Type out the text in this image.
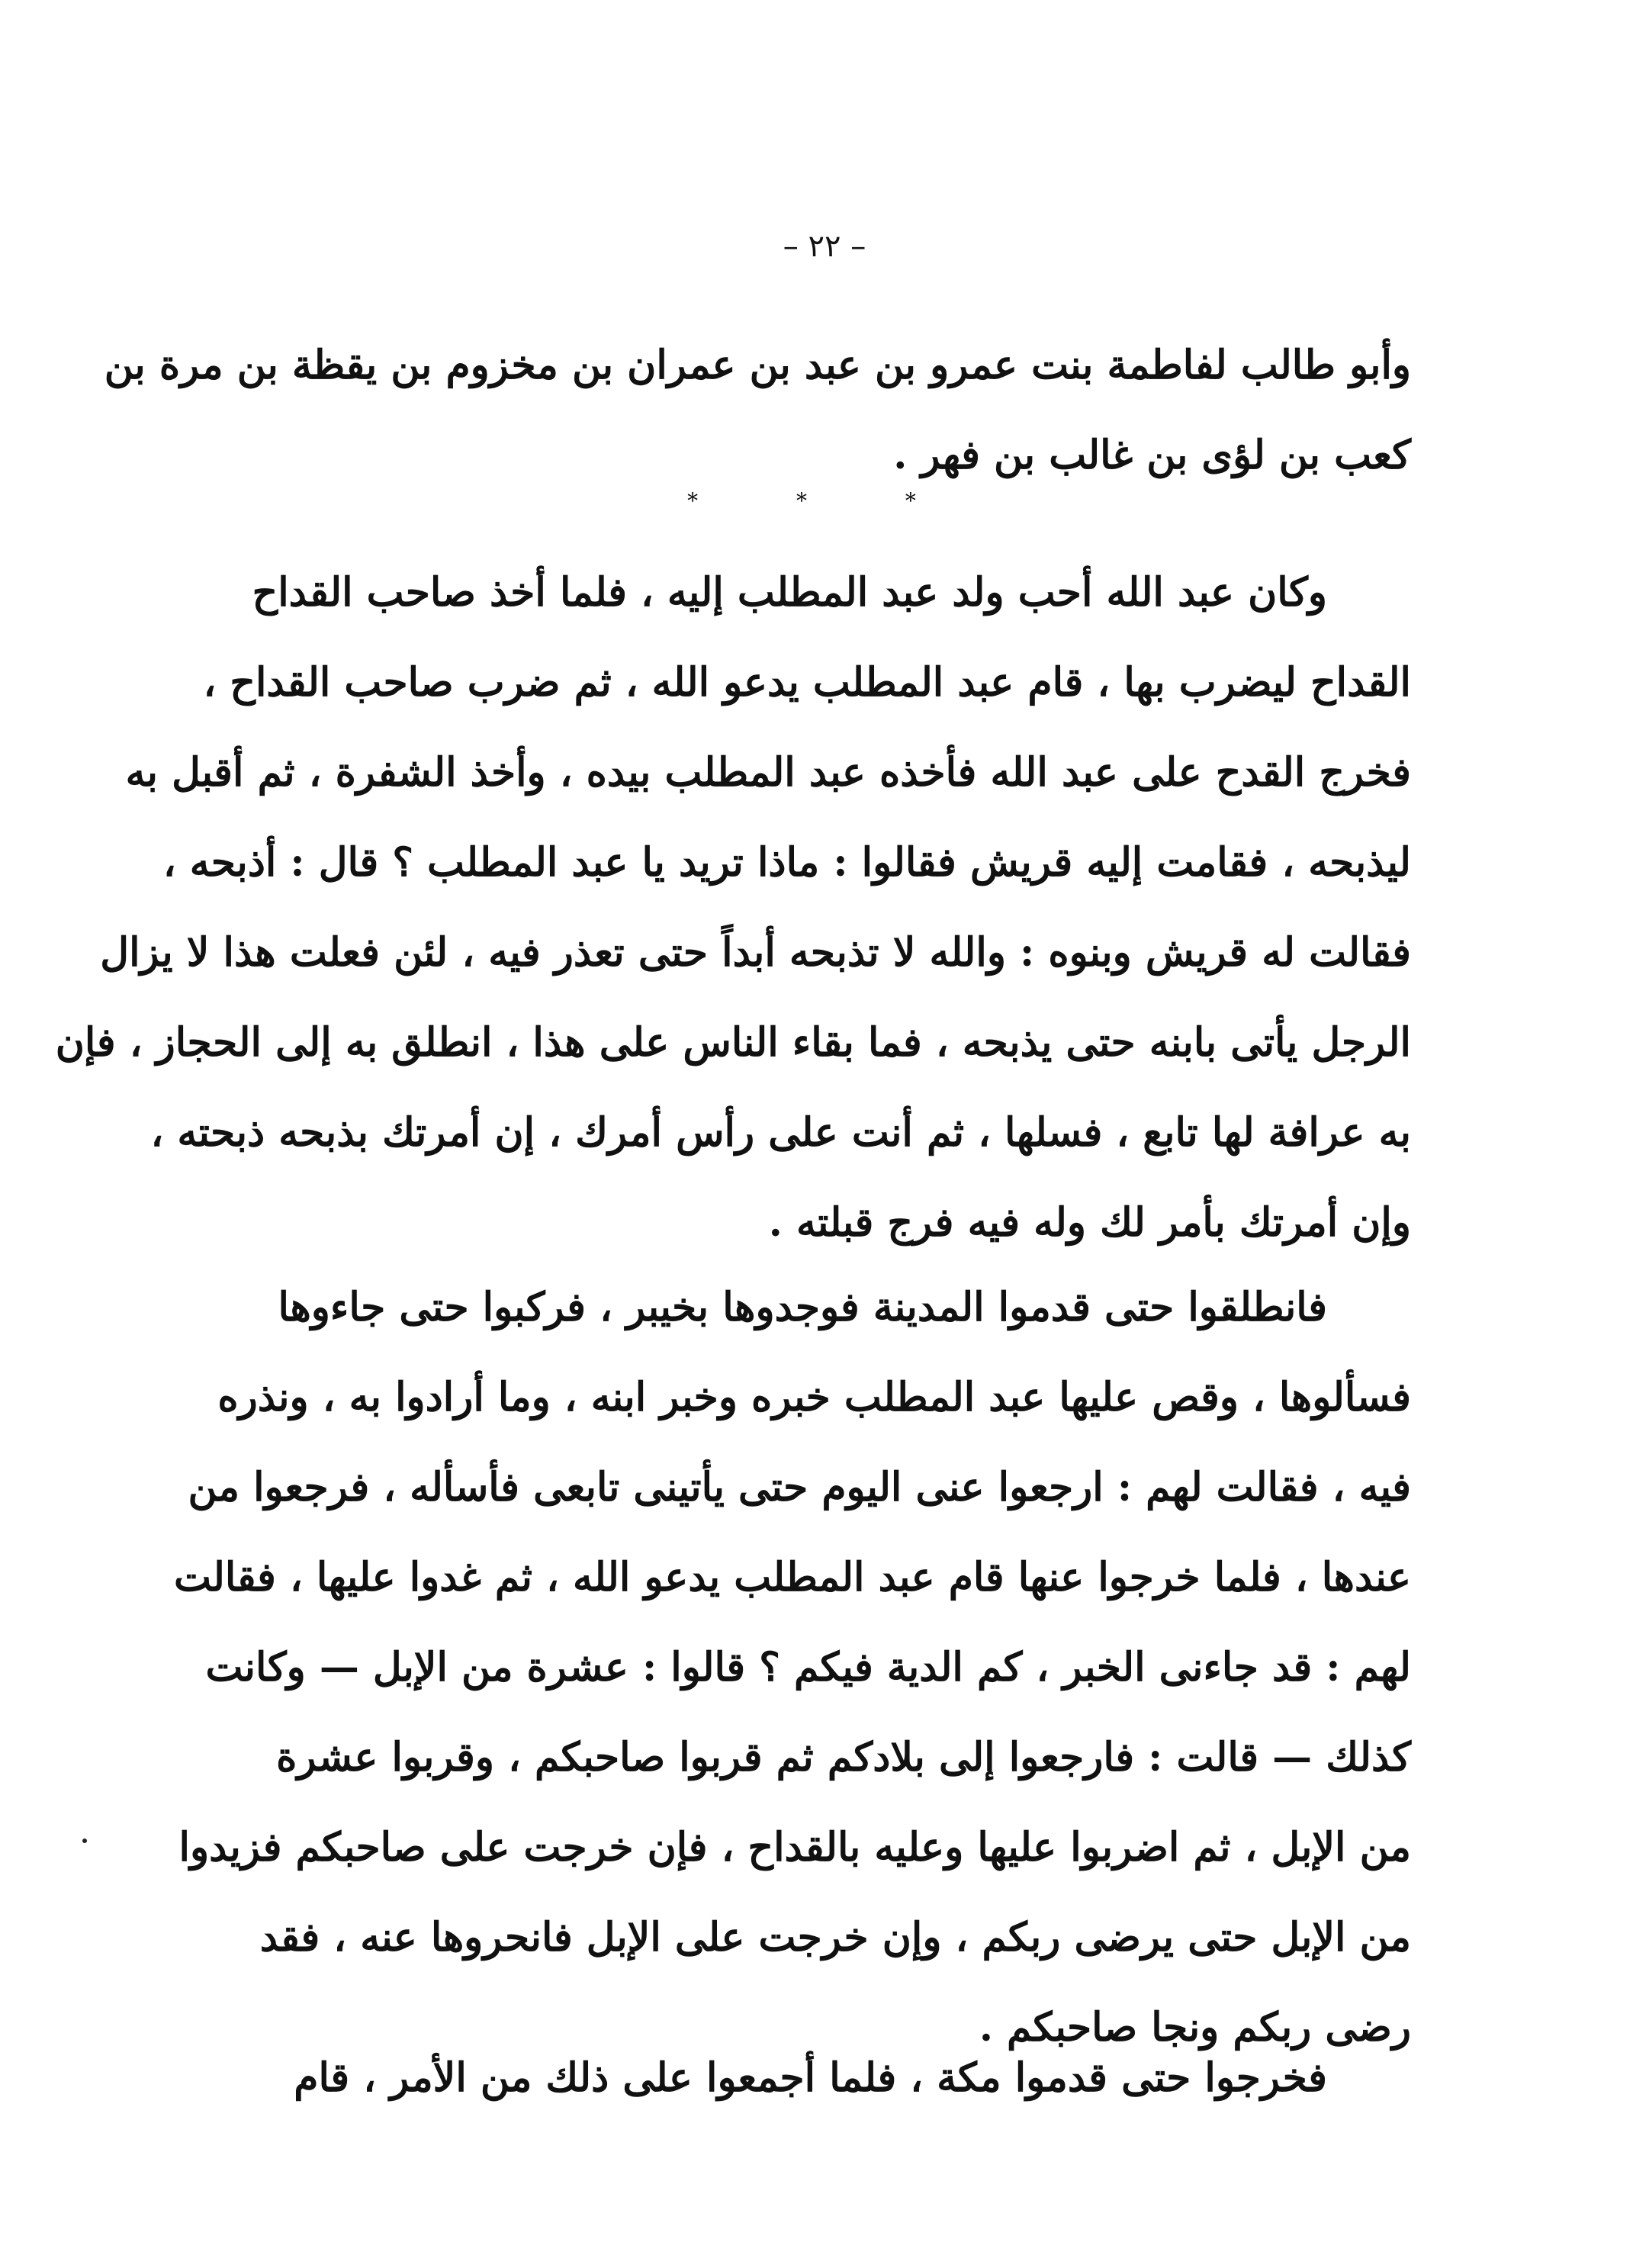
– ٢٢ –
وأبو طالب لفاطمة بنت عمرو بن عبد بن عمران بن مخزوم بن يقظة بن مرة بن
كعب بن لؤى بن غالب بن فهر .
* * *
وكان عبد الله أحب ولد عبد المطلب إليه ، فلما أخذ صاحب القداح
القداح ليضرب بها ، قام عبد المطلب يدعو الله ، ثم ضرب صاحب القداح ،
فخرج القدح على عبد الله فأخذه عبد المطلب بيده ، وأخذ الشفرة ، ثم أقبل به
ليذبحه ، فقامت إليه قريش فقالوا : ماذا تريد يا عبد المطلب ؟ قال : أذبحه ،
فقالت له قريش وبنوه : والله لا تذبحه أبداً حتى تعذر فيه ، لئن فعلت هذا لا يزال
الرجل يأتى بابنه حتى يذبحه ، فما بقاء الناس على هذا ، انطلق به إلى الحجاز ، فإن
به عرافة لها تابع ، فسلها ، ثم أنت على رأس أمرك ، إن أمرتك بذبحه ذبحته ،
وإن أمرتك بأمر لك وله فيه فرج قبلته .
فانطلقوا حتى قدموا المدينة فوجدوها بخيبر ، فركبوا حتى جاءوها
فسألوها ، وقص عليها عبد المطلب خبره وخبر ابنه ، وما أرادوا به ، ونذره
فيه ، فقالت لهم : ارجعوا عنى اليوم حتى يأتينى تابعى فأسأله ، فرجعوا من
عندها ، فلما خرجوا عنها قام عبد المطلب يدعو الله ، ثم غدوا عليها ، فقالت
لهم : قد جاءنى الخبر ، كم الدية فيكم ؟ قالوا : عشرة من الإبل — وكانت
كذلك — قالت : فارجعوا إلى بلادكم ثم قربوا صاحبكم ، وقربوا عشرة
من الإبل ، ثم اضربوا عليها وعليه بالقداح ، فإن خرجت على صاحبكم فزيدوا
من الإبل حتى يرضى ربكم ، وإن خرجت على الإبل فانحروها عنه ، فقد
رضى ربكم ونجا صاحبكم .
فخرجوا حتى قدموا مكة ، فلما أجمعوا على ذلك من الأمر ، قام
